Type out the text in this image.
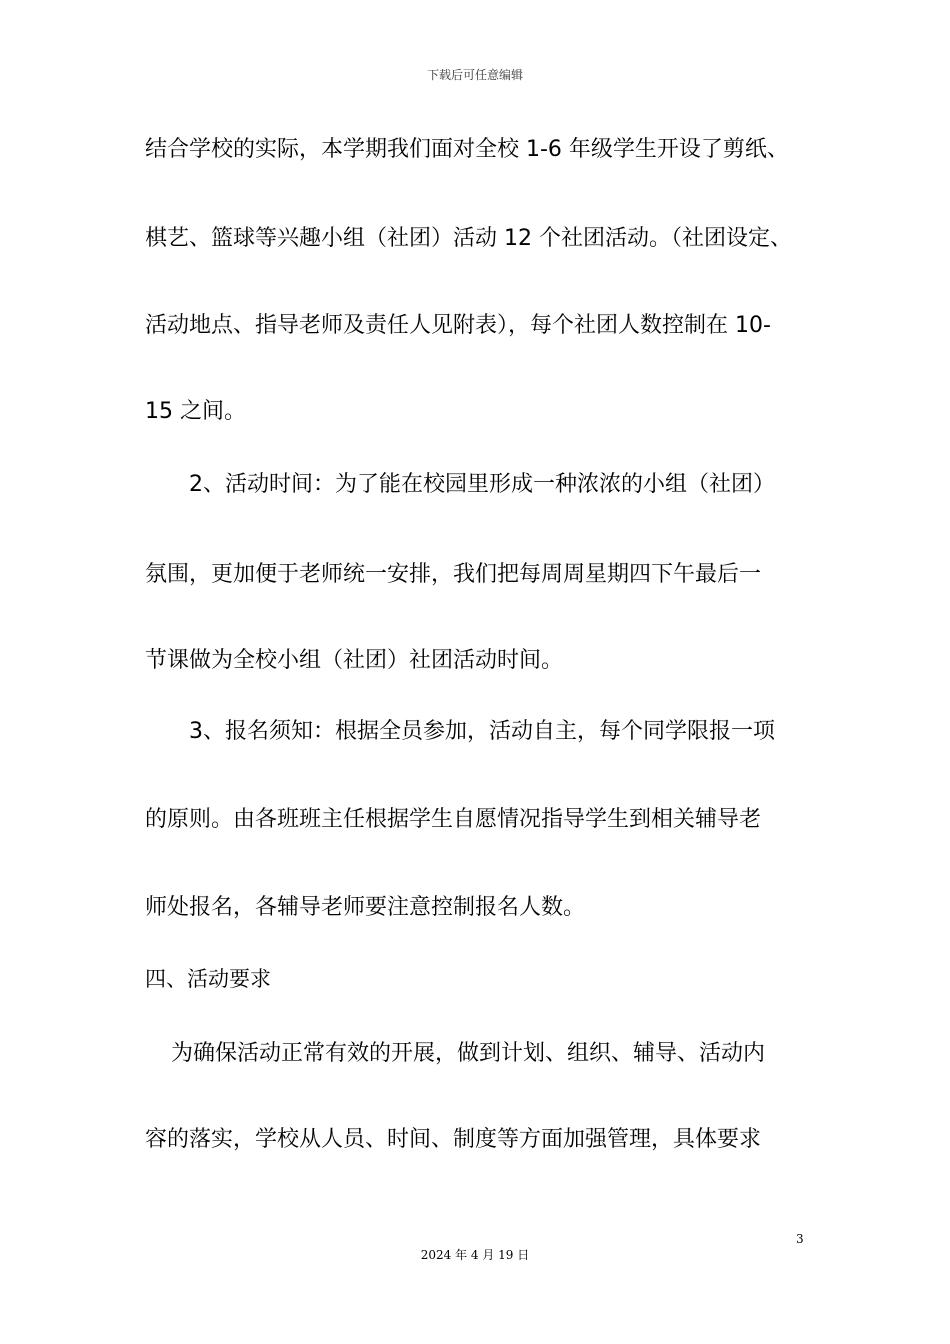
下载后可任意编辑
结合学校的实际，本学期我们面对全校 1-6 年级学生开设了剪纸、
棋艺、篮球等兴趣小组（社团）活动 12 个社团活动。（社团设定、
活动地点、指导老师及责任人见附表），每个社团人数控制在 10-
15 之间。
2、活动时间：为了能在校园里形成一种浓浓的小组（社团）
氛围，更加便于老师统一安排，我们把每周周星期四下午最后一
节课做为全校小组（社团）社团活动时间。
3、报名须知：根据全员参加，活动自主，每个同学限报一项
的原则。由各班班主任根据学生自愿情况指导学生到相关辅导老
师处报名，各辅导老师要注意控制报名人数。
四、活动要求
为确保活动正常有效的开展，做到计划、组织、辅导、活动内
容的落实，学校从人员、时间、制度等方面加强管理，具体要求
3
2024 年 4 月 19 日
